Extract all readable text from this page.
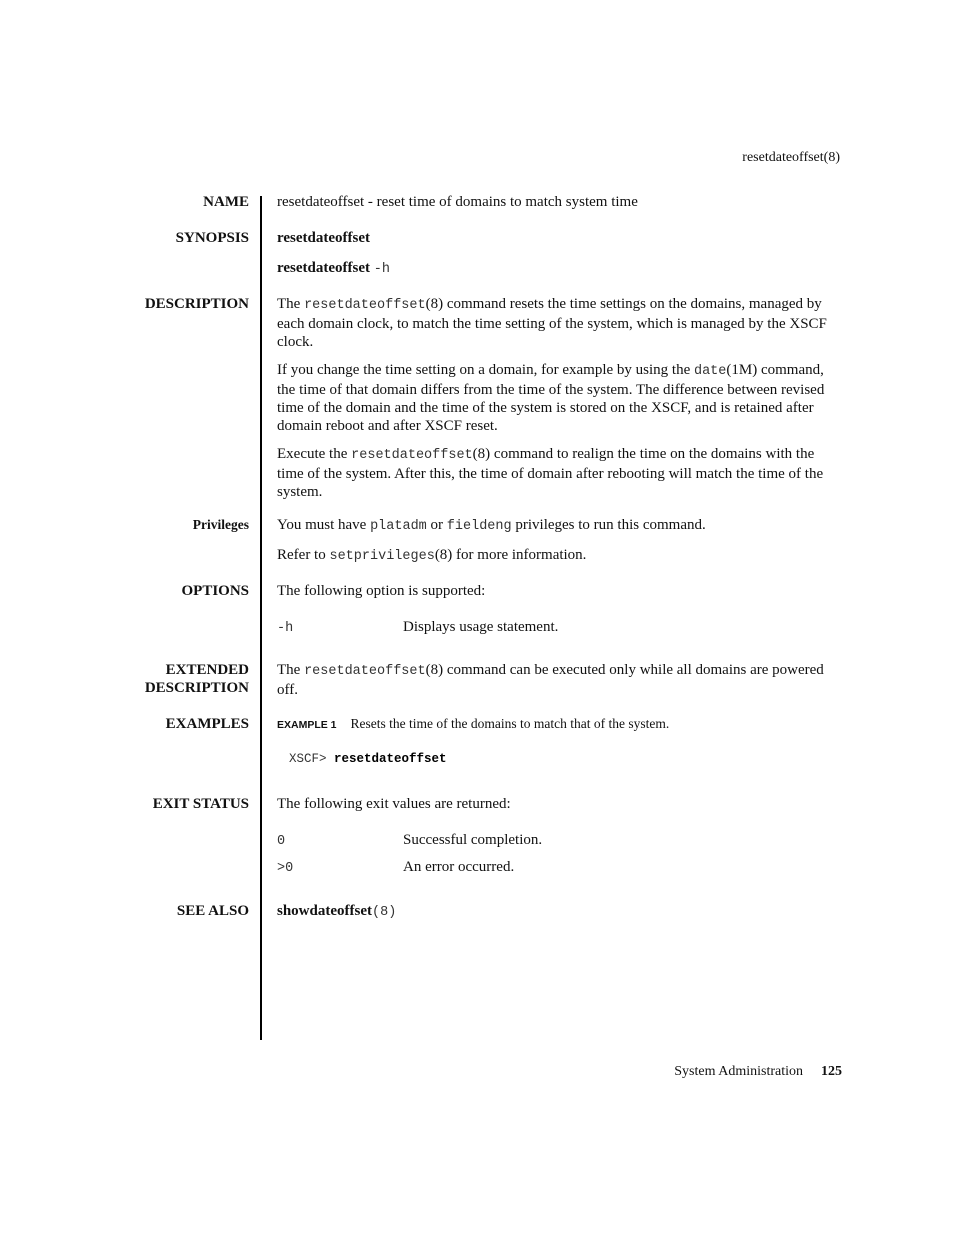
resetdateoffset(8)
NAME resetdateoffset - reset time of domains to match system time
SYNOPSIS resetdateoffset
resetdateoffset -h
DESCRIPTION The resetdateoffset(8) command resets the time settings on the domains, managed by each domain clock, to match the time setting of the system, which is managed by the XSCF clock.
If you change the time setting on a domain, for example by using the date(1M) command, the time of that domain differs from the time of the system. The difference between revised time of the domain and the time of the system is stored on the XSCF, and is retained after domain reboot and after XSCF reset.
Execute the resetdateoffset(8) command to realign the time on the domains with the time of the system. After this, the time of domain after rebooting will match the time of the system.
Privileges You must have platadm or fieldeng privileges to run this command.
Refer to setprivileges(8) for more information.
OPTIONS The following option is supported:
-h	Displays usage statement.
EXTENDED
DESCRIPTION
The resetdateoffset(8) command can be executed only while all domains are powered off.
EXAMPLES	EXAMPLE 1 Resets the time of the domains to match that of the system.
XSCF> resetdateoffset
EXIT STATUS The following exit values are returned:
0	Successful completion.
>0	An error occurred.
SEE ALSO showdateoffset(8)
System Administration 125
